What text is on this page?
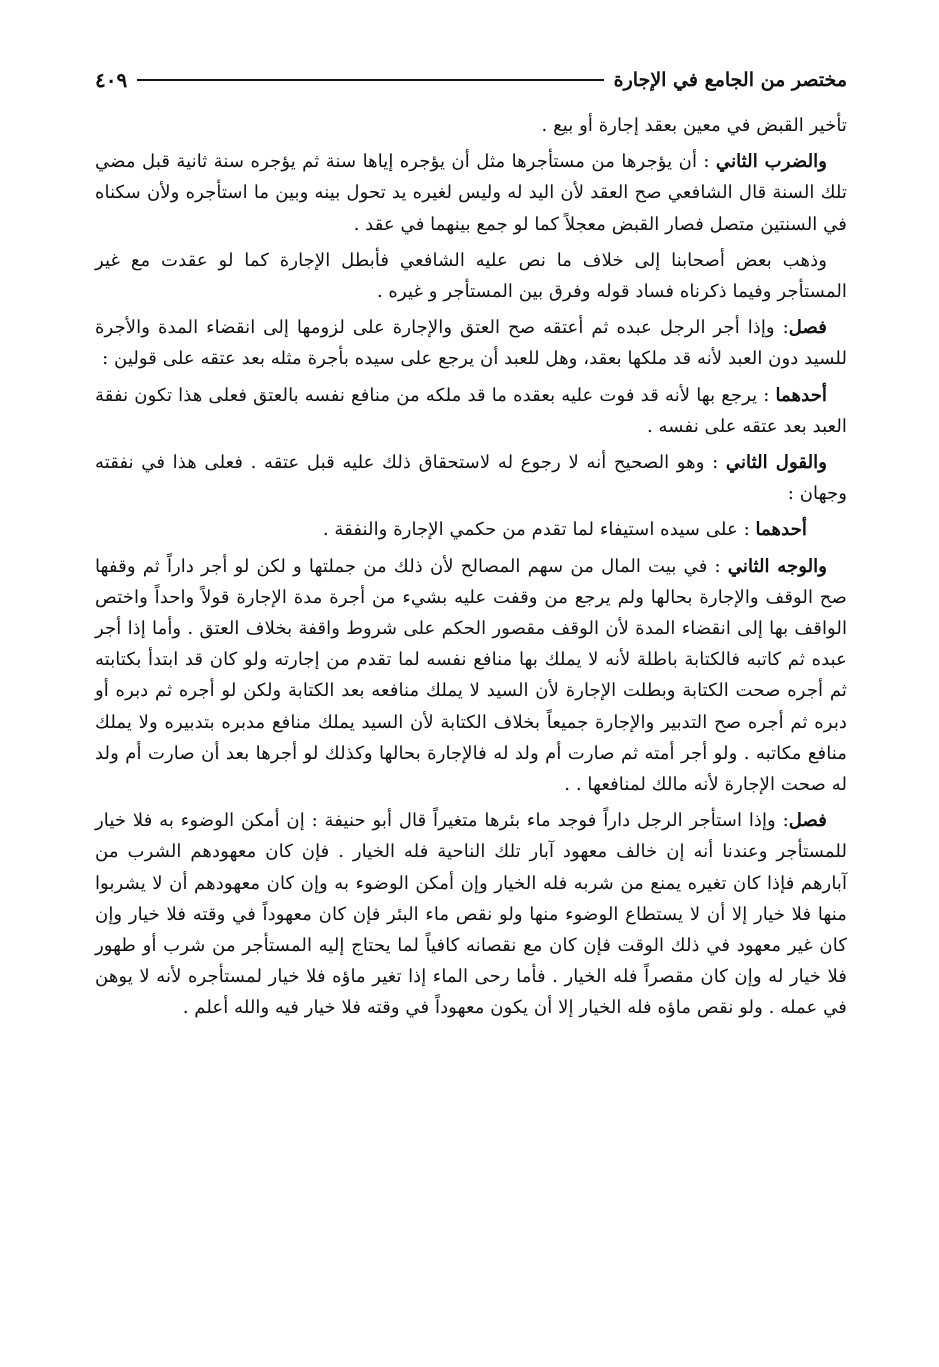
مختصر من الجامع في الإجارة
٤٠٩

تأخير القبض في معين بعقد إجارة أو بيع .

والضرب الثاني : أن يؤجرها من مستأجرها مثل أن يؤجره إياها سنة ثم يؤجره سنة ثانية قبل مضي تلك السنة قال الشافعي صح العقد لأن اليد له وليس لغيره يد تحول بينه وبين ما استأجره ولأن سكناه في السنتين متصل فصار القبض معجلاً كما لو جمع بينهما في عقد .

وذهب بعض أصحابنا إلى خلاف ما نص عليه الشافعي فأبطل الإجارة كما لو عقدت مع غير المستأجر وفيما ذكرناه فساد قوله وفرق بين المستأجر و غيره .

فصل: وإذا أجر الرجل عبده ثم أعتقه صح العتق والإجارة على لزومها إلى انقضاء المدة والأجرة للسيد دون العبد لأنه قد ملكها بعقد، وهل للعبد أن يرجع على سيده بأجرة مثله بعد عتقه على قولين :

أحدهما : يرجع بها لأنه قد فوت عليه بعقده ما قد ملكه من منافع نفسه بالعتق فعلى هذا تكون نفقة العبد بعد عتقه على نفسه .

والقول الثاني : وهو الصحيح أنه لا رجوع له لاستحقاق ذلك عليه قبل عتقه . فعلى هذا في نفقته وجهان :

أحدهما : على سيده استيفاء لما تقدم من حكمي الإجارة والنفقة .

والوجه الثاني : في بيت المال من سهم المصالح لأن ذلك من جملتها و لكن لو أجر داراً ثم وقفها صح الوقف والإجارة بحالها ولم يرجع من وقفت عليه بشيء من أجرة مدة الإجارة قولاً واحداً واختص الواقف بها إلى انقضاء المدة لأن الوقف مقصور الحكم على شروط واقفة بخلاف العتق . وأما إذا أجر عبده ثم كاتبه فالكتابة باطلة لأنه لا يملك بها منافع نفسه لما تقدم من إجارته ولو كان قد ابتدأ بكتابته ثم أجره صحت الكتابة وبطلت الإجارة لأن السيد لا يملك منافعه بعد الكتابة ولكن لو أجره ثم دبره أو دبره ثم أجره صح التدبير والإجارة جميعاً بخلاف الكتابة لأن السيد يملك منافع مدبره بتدبيره ولا يملك منافع مكاتبه . ولو أجر أمته ثم صارت أم ولد له فالإجارة بحالها وكذلك لو أجرها بعد أن صارت أم ولد له صحت الإجارة لأنه مالك لمنافعها . .

فصل: وإذا استأجر الرجل داراً فوجد ماء بئرها متغيراً قال أبو حنيفة : إن أمكن الوضوء به فلا خيار للمستأجر وعندنا أنه إن خالف معهود آبار تلك الناحية فله الخيار . فإن كان معهودهم الشرب من آبارهم فإذا كان تغيره يمنع من شربه فله الخيار وإن أمكن الوضوء به وإن كان معهودهم أن لا يشربوا منها فلا خيار إلا أن لا يستطاع الوضوء منها ولو نقص ماء البئر فإن كان معهوداً في وقته فلا خيار وإن كان غير معهود في ذلك الوقت فإن كان مع نقصانه كافياً لما يحتاج إليه المستأجر من شرب أو طهور فلا خيار له وإن كان مقصراً فله الخيار . فأما رحى الماء إذا تغير ماؤه فلا خيار لمستأجره لأنه لا يوهن في عمله . ولو نقص ماؤه فله الخيار إلا أن يكون معهوداً في وقته فلا خيار فيه والله أعلم .
